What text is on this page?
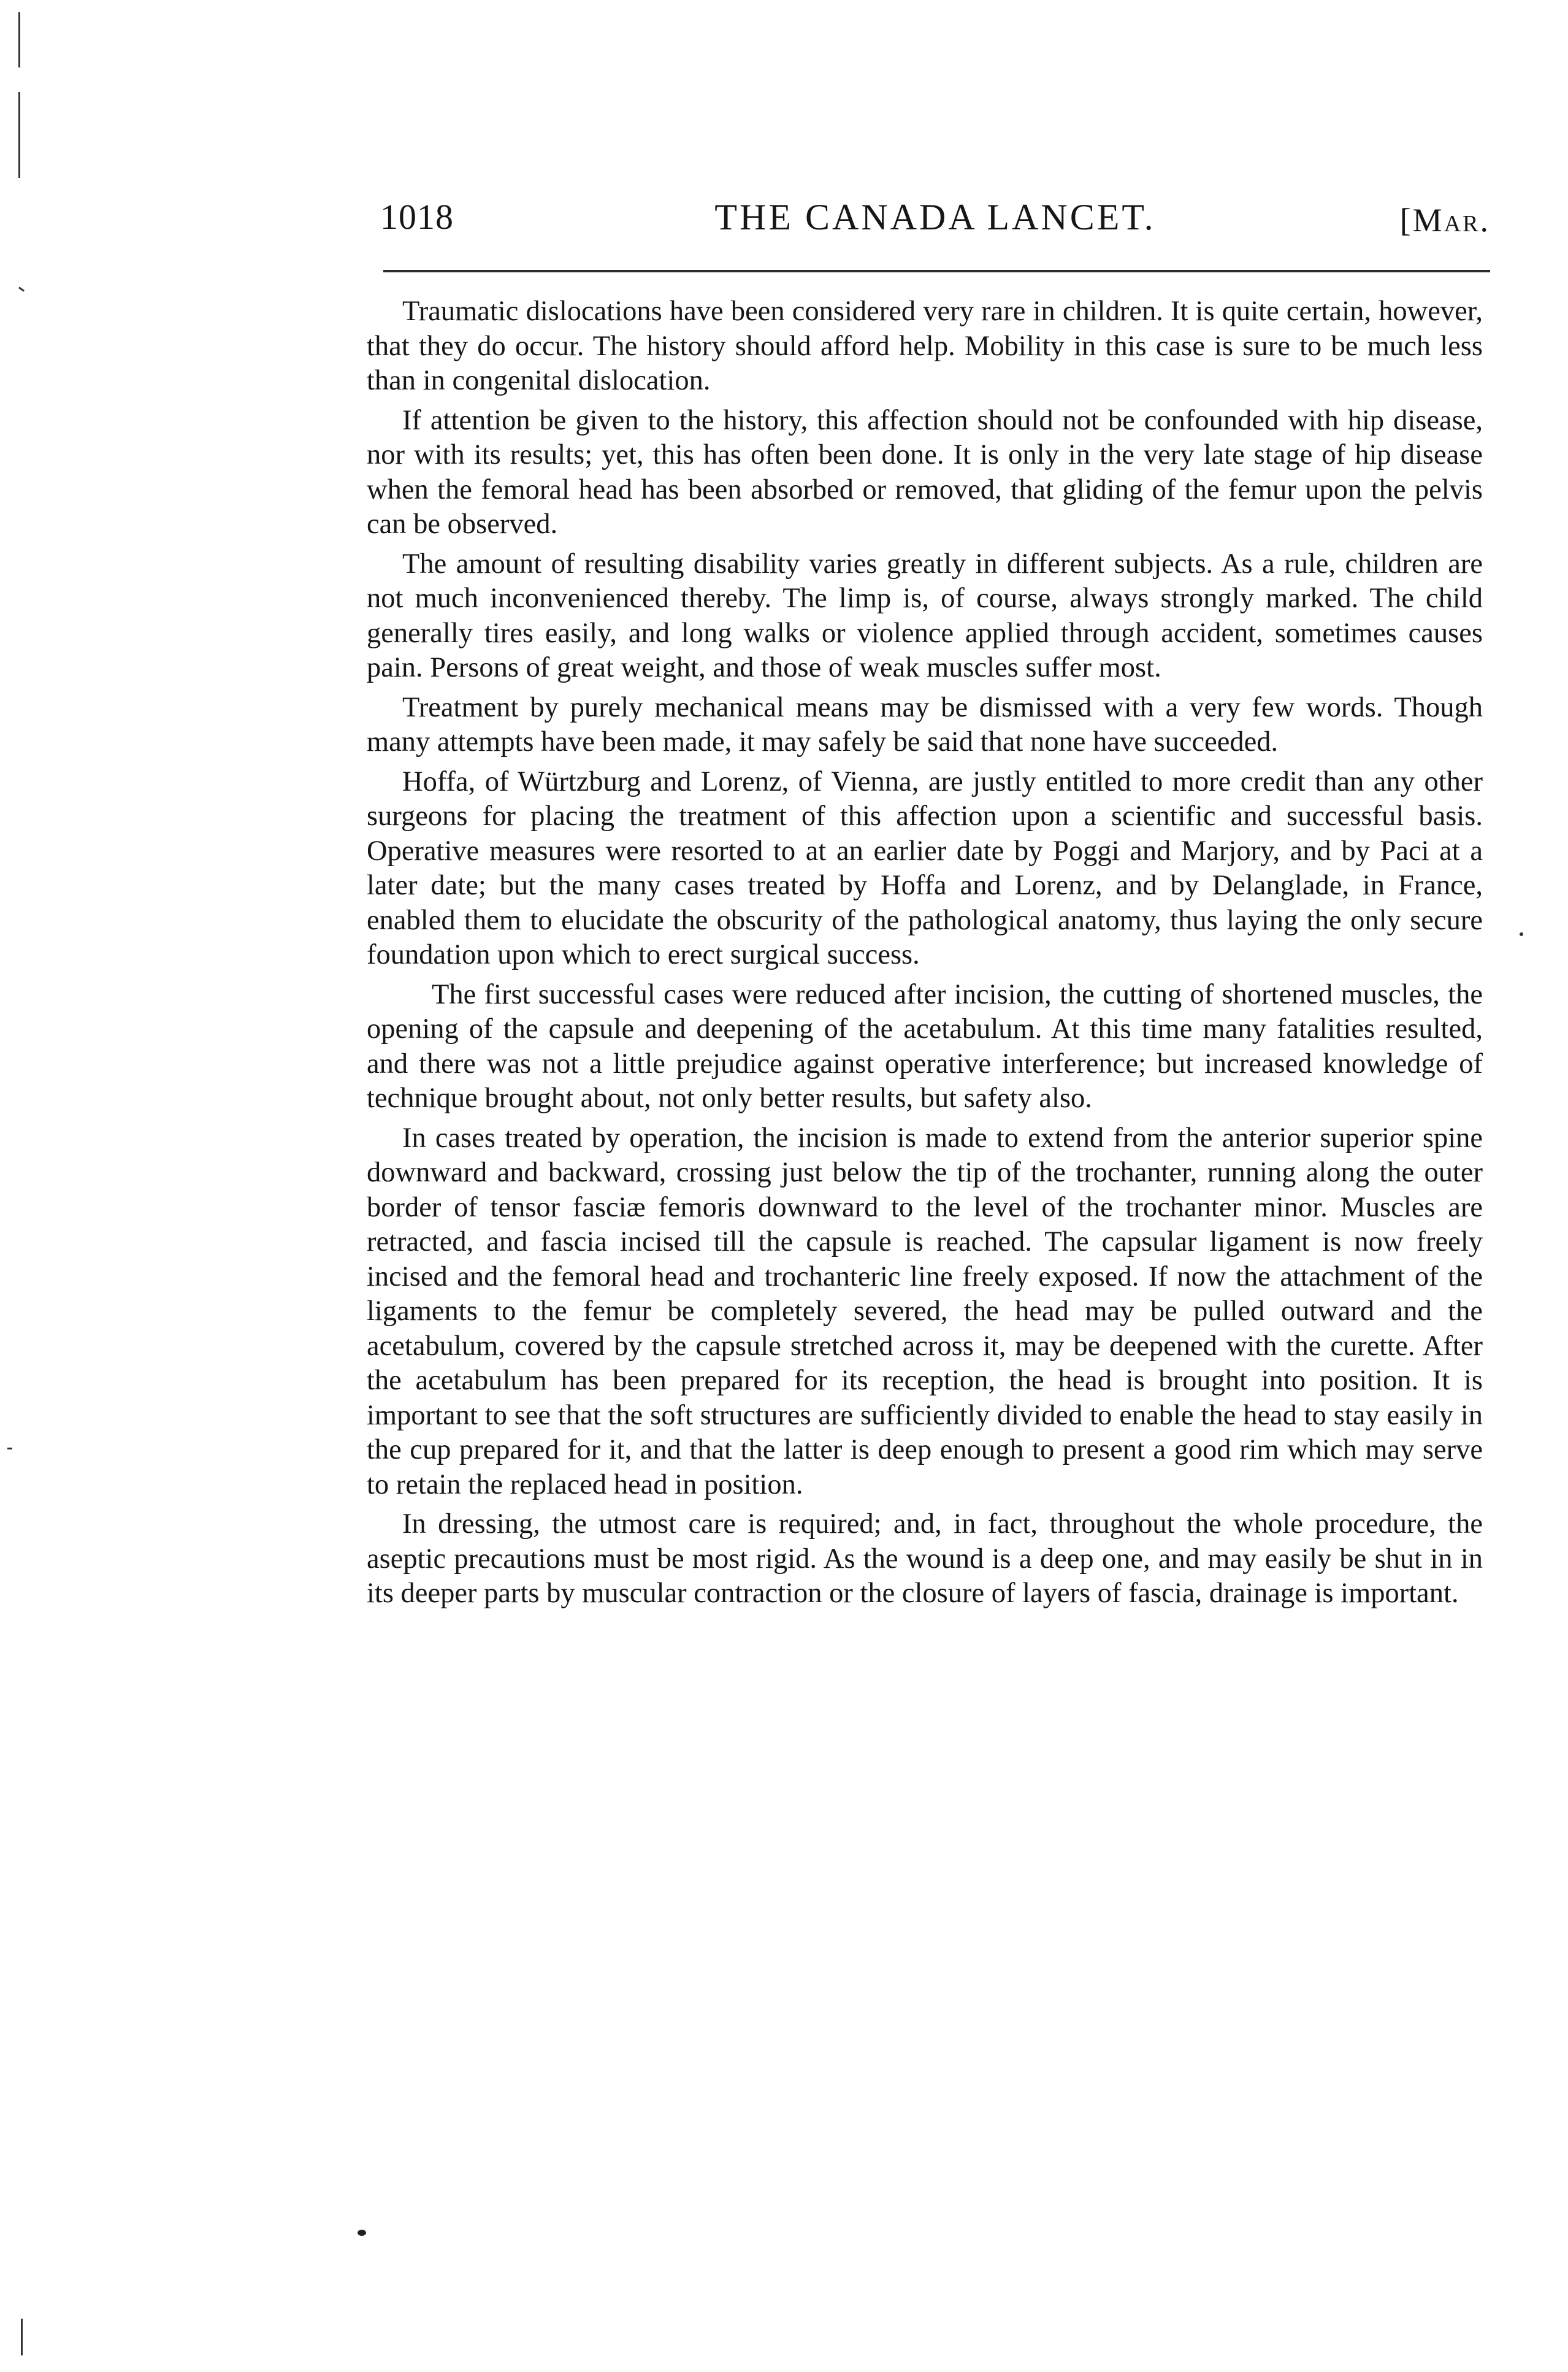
1018	THE CANADA LANCET.	[Mar.

Traumatic dislocations have been considered very rare in children. It is quite certain, however, that they do occur. The history should afford help. Mobility in this case is sure to be much less than in congenital dislocation.

If attention be given to the history, this affection should not be confounded with hip disease, nor with its results; yet, this has often been done. It is only in the very late stage of hip disease when the femoral head has been absorbed or removed, that gliding of the femur upon the pelvis can be observed.

The amount of resulting disability varies greatly in different subjects. As a rule, children are not much inconvenienced thereby. The limp is, of course, always strongly marked. The child generally tires easily, and long walks or violence applied through accident, sometimes causes pain. Persons of great weight, and those of weak muscles suffer most.

Treatment by purely mechanical means may be dismissed with a very few words. Though many attempts have been made, it may safely be said that none have succeeded.

Hoffa, of Würtzburg and Lorenz, of Vienna, are justly entitled to more credit than any other surgeons for placing the treatment of this affection upon a scientific and successful basis. Operative measures were resorted to at an earlier date by Poggi and Marjory, and by Paci at a later date; but the many cases treated by Hoffa and Lorenz, and by Delanglade, in France, enabled them to elucidate the obscurity of the pathological anatomy, thus laying the only secure foundation upon which to erect surgical success.

The first successful cases were reduced after incision, the cutting of shortened muscles, the opening of the capsule and deepening of the acetabulum. At this time many fatalities resulted, and there was not a little prejudice against operative interference; but increased knowledge of technique brought about, not only better results, but safety also.

In cases treated by operation, the incision is made to extend from the anterior superior spine downward and backward, crossing just below the tip of the trochanter, running along the outer border of tensor fasciæ femoris downward to the level of the trochanter minor. Muscles are retracted, and fascia incised till the capsule is reached. The capsular ligament is now freely incised and the femoral head and trochanteric line freely exposed. If now the attachment of the ligaments to the femur be completely severed, the head may be pulled outward and the acetabulum, covered by the capsule stretched across it, may be deepened with the curette. After the acetabulum has been prepared for its reception, the head is brought into position. It is important to see that the soft structures are sufficiently divided to enable the head to stay easily in the cup prepared for it, and that the latter is deep enough to present a good rim which may serve to retain the replaced head in position.

In dressing, the utmost care is required; and, in fact, throughout the whole procedure, the aseptic precautions must be most rigid. As the wound is a deep one, and may easily be shut in in its deeper parts by muscular contraction or the closure of layers of fascia, drainage is important.
